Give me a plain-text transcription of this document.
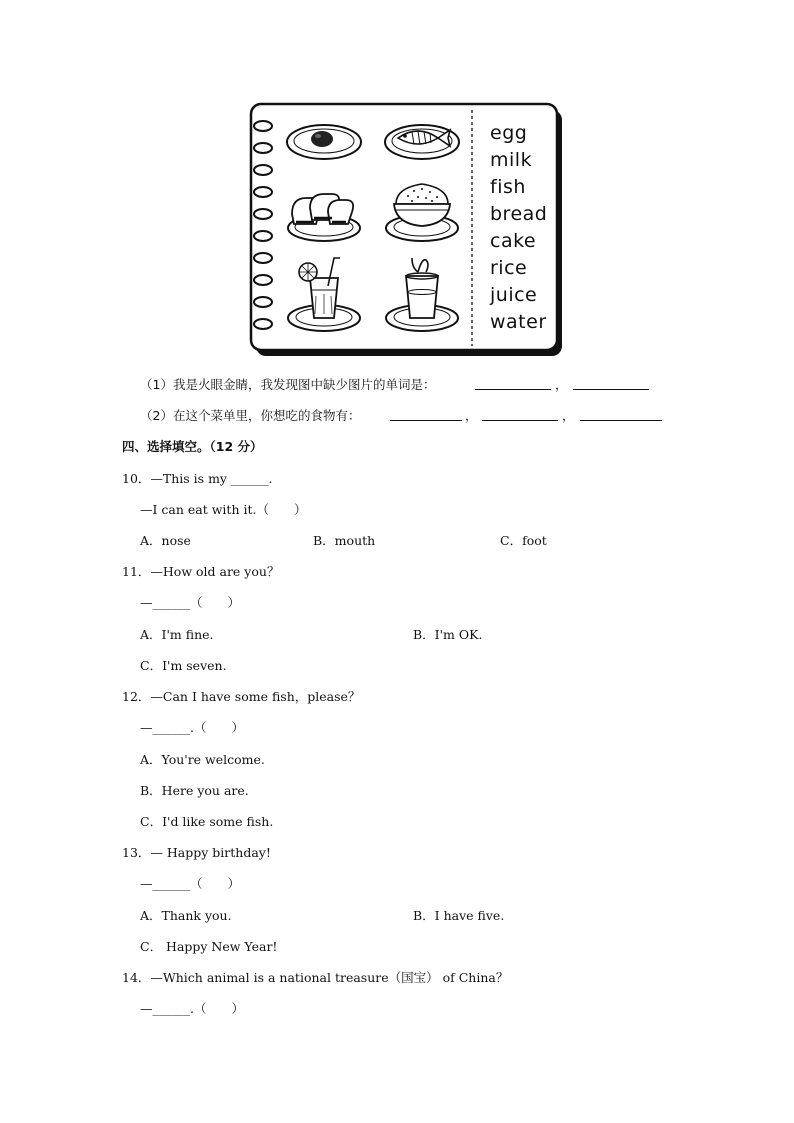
egg
milk
fish
bread
cake
rice
juice
water
（1）我是火眼金睛，我发现图中缺少图片的单词是：	，
（2）在这个菜单里，你想吃的食物有：	，	，
四、选择填空。（12 分）
10．—This is my ______.
—I can eat with it.（　　）
A．nose	B．mouth	C．foot
11．—How old are you？
—______（　　）
A．I'm fine.	B．I'm OK.
C．I'm seven.
12．—Can I have some fish，please？
—______.（　　）
A．You're welcome.
B．Here you are.
C．I'd like some fish.
13．— Happy birthday!
—______（　　）
A．Thank you.	B．I have five.
C． Happy New Year!
14．—Which animal is a national treasure（国宝） of China？
—______.（　　）
